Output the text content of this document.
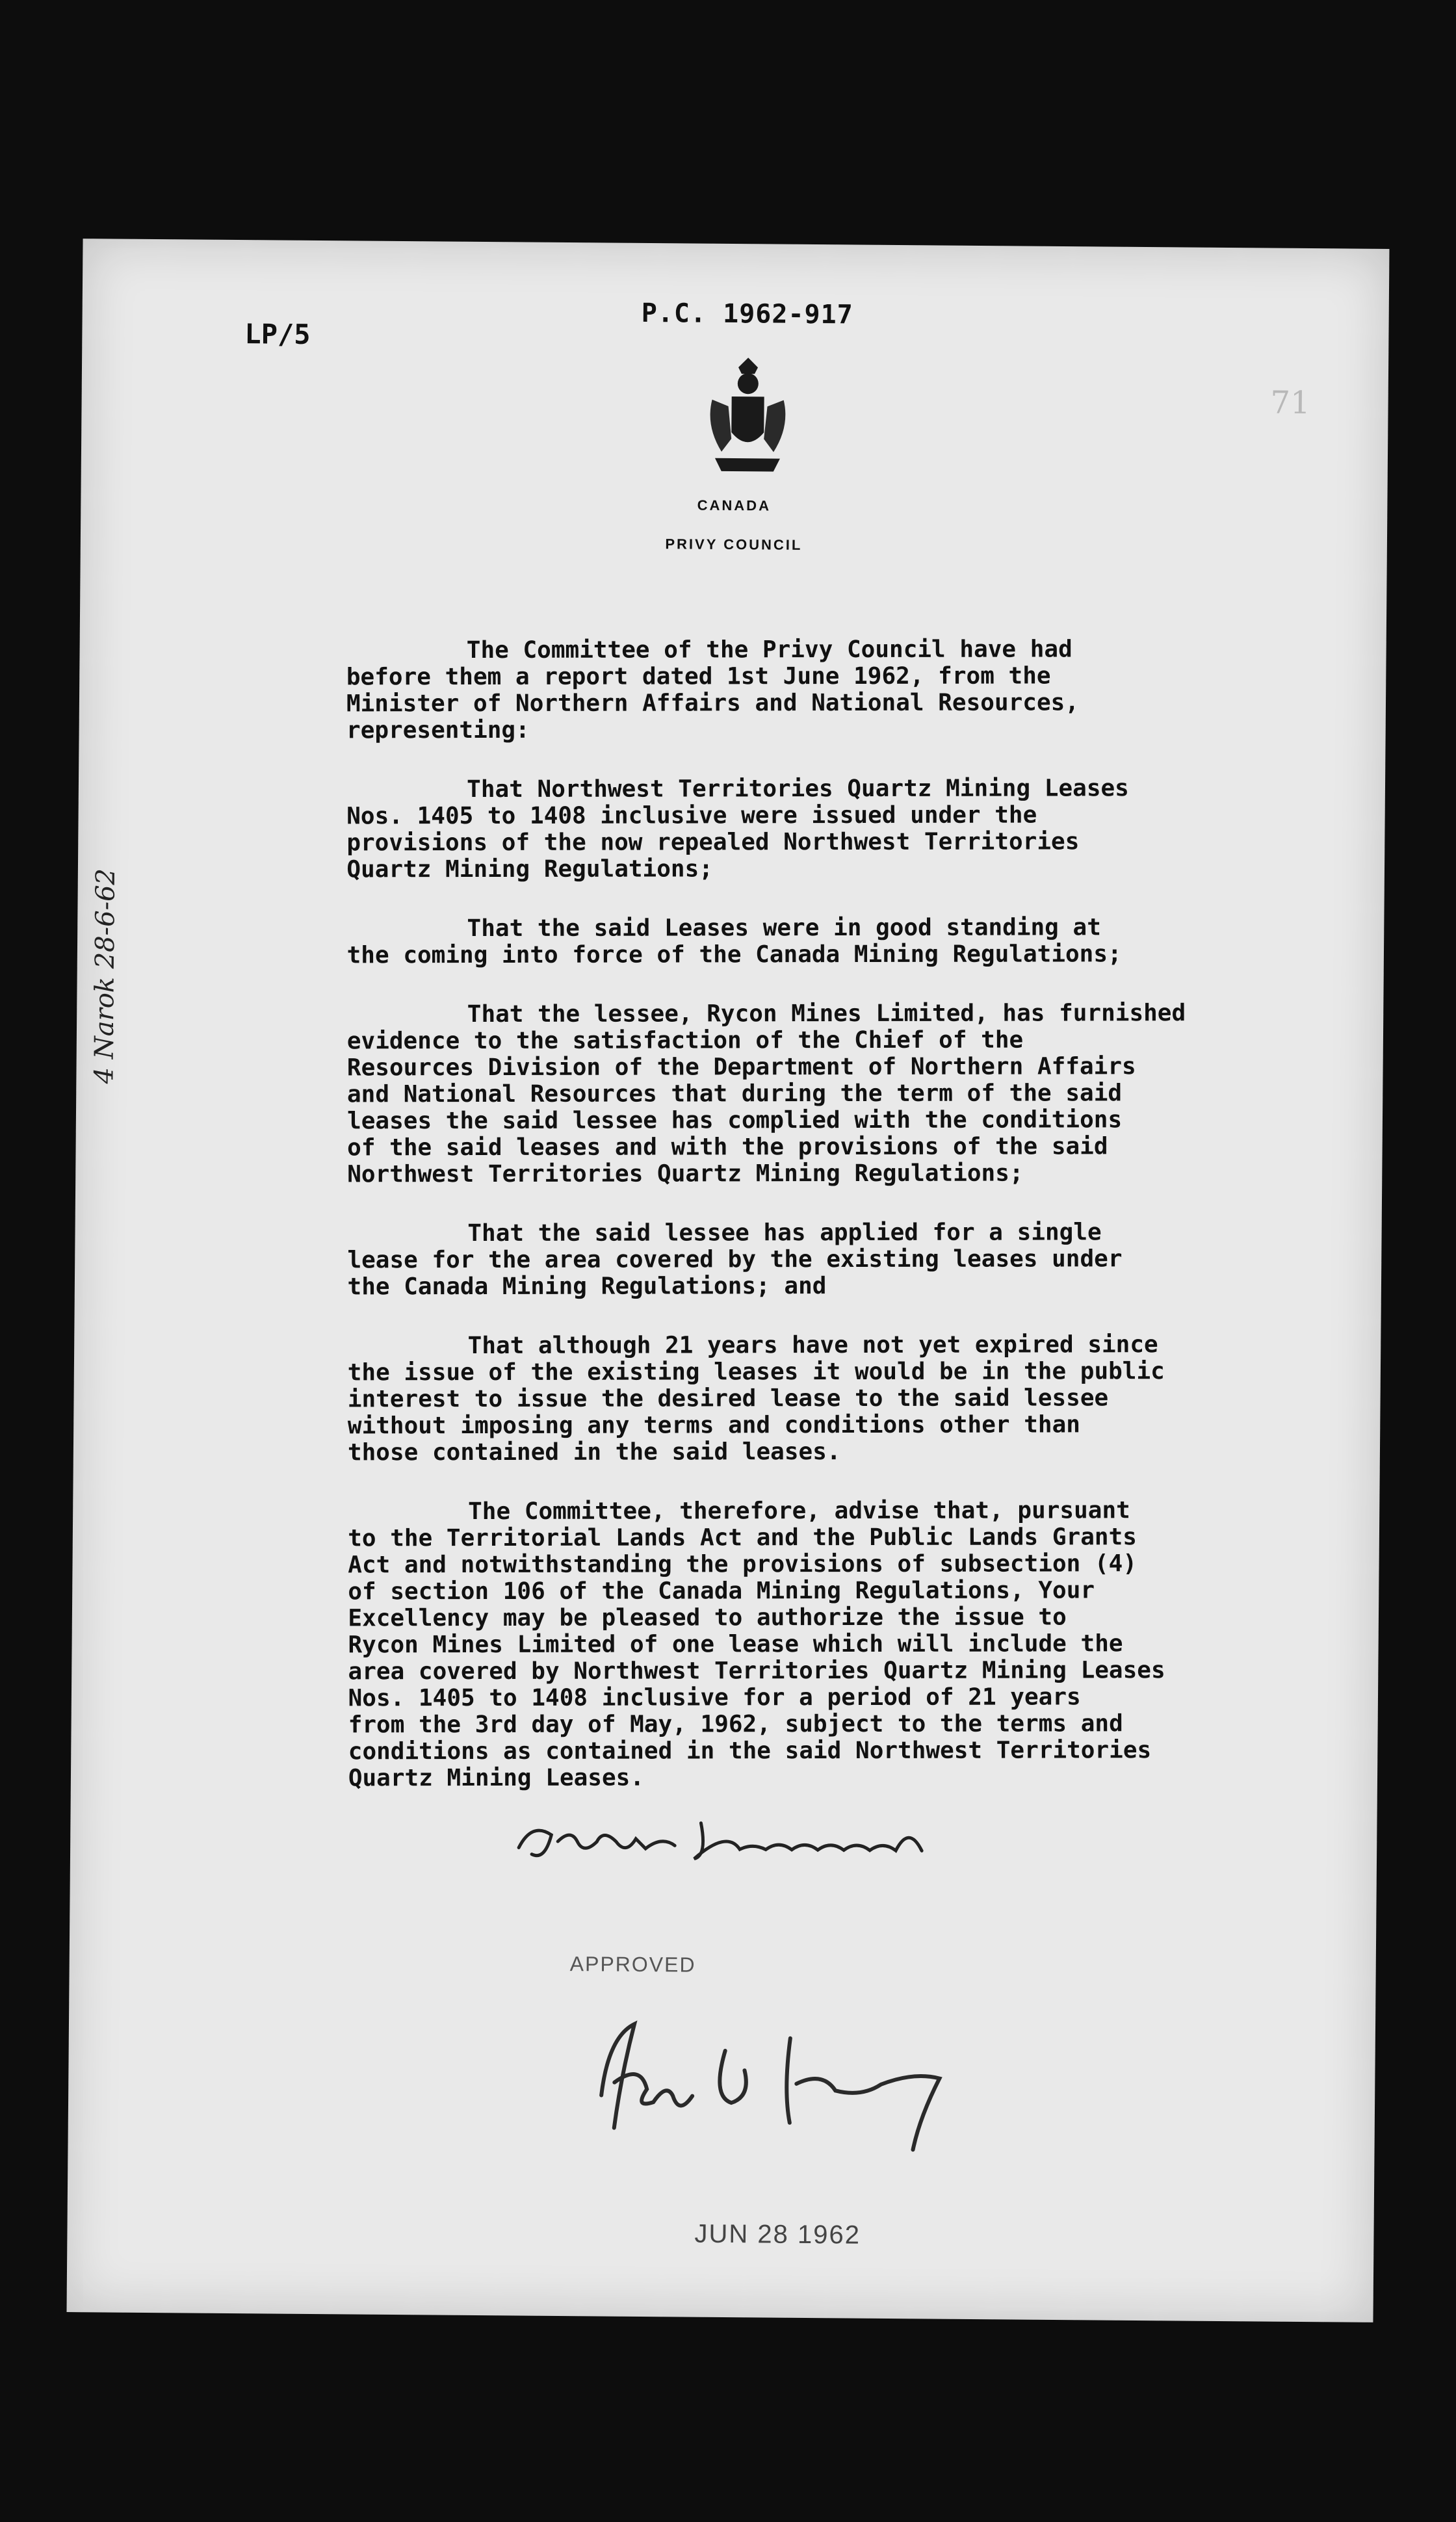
LP/5
P.C. 1962-917
71
CANADA
PRIVY COUNCIL
4 Narok 28-6-62

The Committee of the Privy Council have had
before them a report dated 1st June 1962, from the
Minister of Northern Affairs and National Resources,
representing:

That Northwest Territories Quartz Mining Leases
Nos. 1405 to 1408 inclusive were issued under the
provisions of the now repealed Northwest Territories
Quartz Mining Regulations;

That the said Leases were in good standing at
the coming into force of the Canada Mining Regulations;

That the lessee, Rycon Mines Limited, has furnished
evidence to the satisfaction of the Chief of the
Resources Division of the Department of Northern Affairs
and National Resources that during the term of the said
leases the said lessee has complied with the conditions
of the said leases and with the provisions of the said
Northwest Territories Quartz Mining Regulations;

That the said lessee has applied for a single
lease for the area covered by the existing leases under
the Canada Mining Regulations; and

That although 21 years have not yet expired since
the issue of the existing leases it would be in the public
interest to issue the desired lease to the said lessee
without imposing any terms and conditions other than
those contained in the said leases.

The Committee, therefore, advise that, pursuant
to the Territorial Lands Act and the Public Lands Grants
Act and notwithstanding the provisions of subsection (4)
of section 106 of the Canada Mining Regulations, Your
Excellency may be pleased to authorize the issue to
Rycon Mines Limited of one lease which will include the
area covered by Northwest Territories Quartz Mining Leases
Nos. 1405 to 1408 inclusive for a period of 21 years
from the 3rd day of May, 1962, subject to the terms and
conditions as contained in the said Northwest Territories
Quartz Mining Leases.

APPROVED
JUN 28 1962
